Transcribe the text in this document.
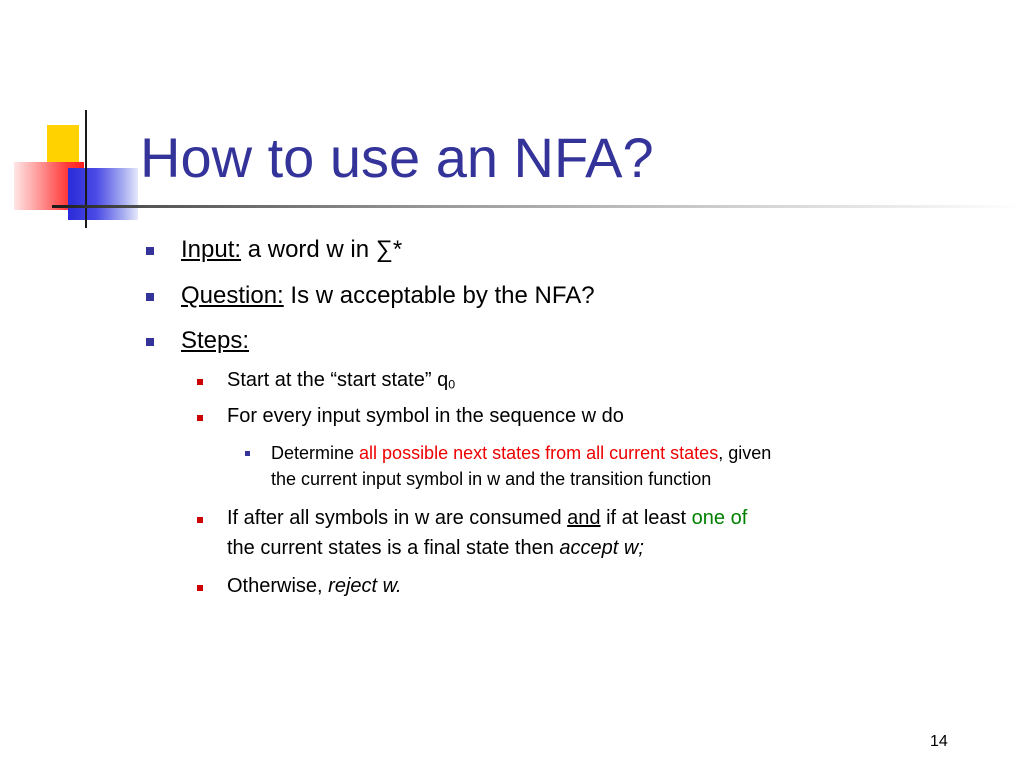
How to use an NFA?
Input: a word w in ∑*
Question: Is w acceptable by the NFA?
Steps:
Start at the “start state” $q_0$
For every input symbol in the sequence w do
Determine all possible next states from all current states, given
the current input symbol in w and the transition function
If after all symbols in w are consumed and if at least one of
the current states is a final state then accept w;
Otherwise, reject w.
14
